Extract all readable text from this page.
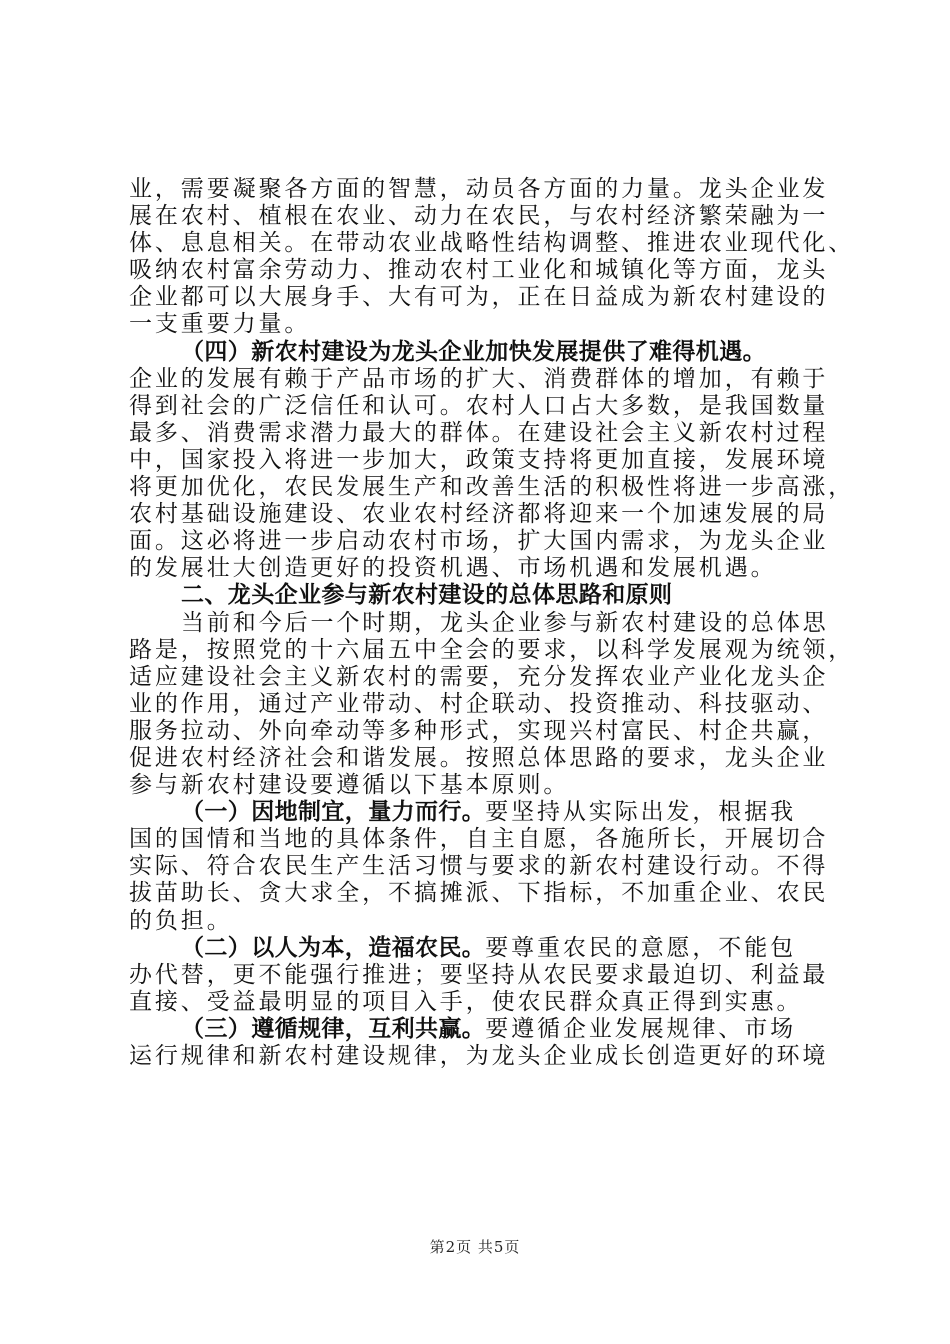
业，需要凝聚各方面的智慧，动员各方面的力量。龙头企业发
展在农村、植根在农业、动力在农民，与农村经济繁荣融为一
体、息息相关。在带动农业战略性结构调整、推进农业现代化、
吸纳农村富余劳动力、推动农村工业化和城镇化等方面，龙头
企业都可以大展身手、大有可为，正在日益成为新农村建设的
一支重要力量。
（四）新农村建设为龙头企业加快发展提供了难得机遇。
企业的发展有赖于产品市场的扩大、消费群体的增加，有赖于
得到社会的广泛信任和认可。农村人口占大多数，是我国数量
最多、消费需求潜力最大的群体。在建设社会主义新农村过程
中，国家投入将进一步加大，政策支持将更加直接，发展环境
将更加优化，农民发展生产和改善生活的积极性将进一步高涨，
农村基础设施建设、农业农村经济都将迎来一个加速发展的局
面。这必将进一步启动农村市场，扩大国内需求，为龙头企业
的发展壮大创造更好的投资机遇、市场机遇和发展机遇。
二、龙头企业参与新农村建设的总体思路和原则
当前和今后一个时期，龙头企业参与新农村建设的总体思
路是，按照党的十六届五中全会的要求，以科学发展观为统领，
适应建设社会主义新农村的需要，充分发挥农业产业化龙头企
业的作用，通过产业带动、村企联动、投资推动、科技驱动、
服务拉动、外向牵动等多种形式，实现兴村富民、村企共赢，
促进农村经济社会和谐发展。按照总体思路的要求，龙头企业
参与新农村建设要遵循以下基本原则。
（一）因地制宜，量力而行。要坚持从实际出发，根据我
国的国情和当地的具体条件，自主自愿，各施所长，开展切合
实际、符合农民生产生活习惯与要求的新农村建设行动。不得
拔苗助长、贪大求全，不搞摊派、下指标，不加重企业、农民
的负担。
（二）以人为本，造福农民。要尊重农民的意愿，不能包
办代替，更不能强行推进；要坚持从农民要求最迫切、利益最
直接、受益最明显的项目入手，使农民群众真正得到实惠。
（三）遵循规律，互利共赢。要遵循企业发展规律、市场
运行规律和新农村建设规律，为龙头企业成长创造更好的环境
第2页 共5页
